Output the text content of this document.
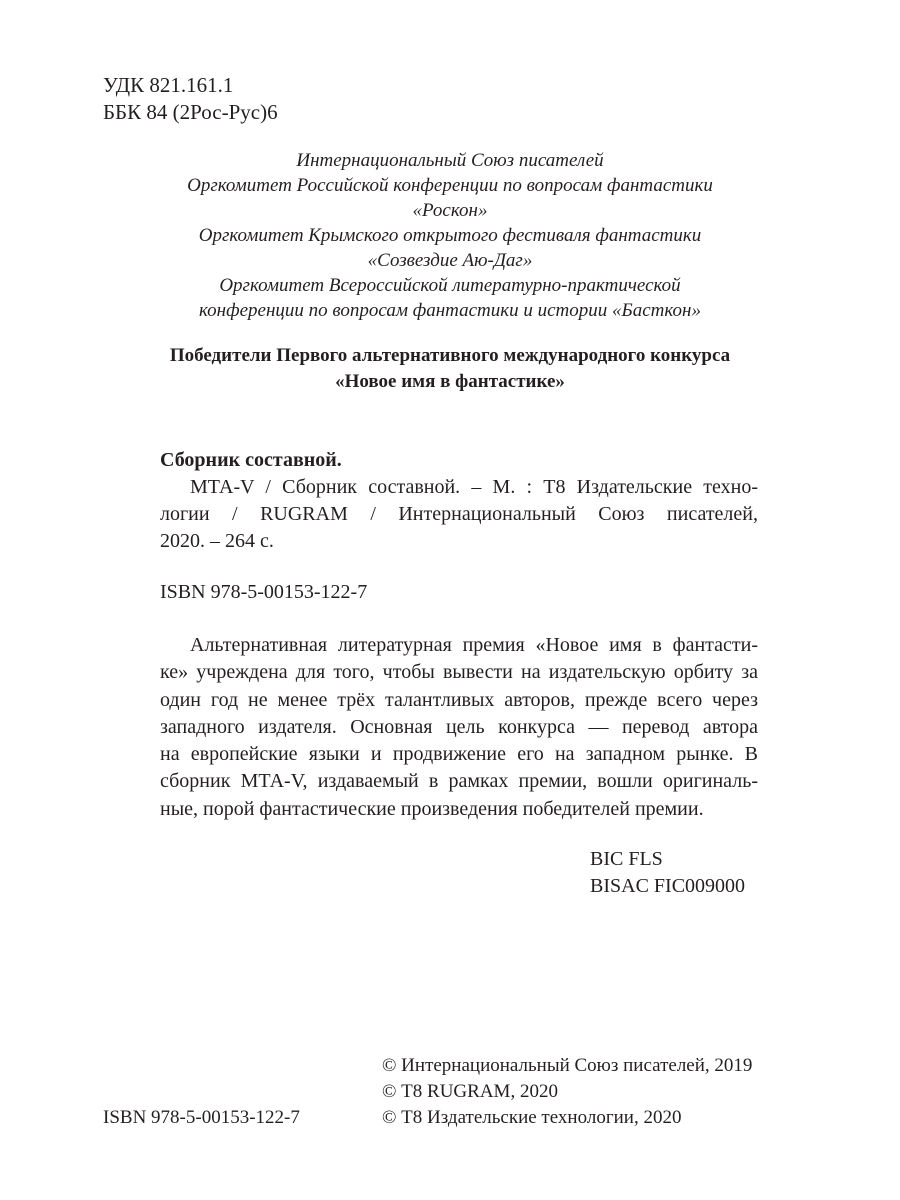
УДК 821.161.1
ББК 84 (2Рос-Рус)6
Интернациональный Союз писателей
Оргкомитет Российской конференции по вопросам фантастики
«Роскон»
Оргкомитет Крымского открытого фестиваля фантастики
«Созвездие Аю-Даг»
Оргкомитет Всероссийской литературно-практической
конференции по вопросам фантастики и истории «Басткон»
Победители Первого альтернативного международного конкурса
«Новое имя в фантастике»
Сборник составной.
МТА-V / Сборник составной. – М. : Т8 Издательские техно-
логии / RUGRAM / Интернациональный Союз писателей,
2020. – 264 с.
ISBN 978-5-00153-122-7
Альтернативная литературная премия «Новое имя в фантасти-
ке» учреждена для того, чтобы вывести на издательскую орбиту за
один год не менее трёх талантливых авторов, прежде всего через
западного издателя. Основная цель конкурса — перевод автора
на европейские языки и продвижение его на западном рынке. В
сборник МТА-V, издаваемый в рамках премии, вошли оригиналь-
ные, порой фантастические произведения победителей премии.
BIC FLS
BISAC FIC009000
© Интернациональный Союз писателей, 2019
© Т8 RUGRAM, 2020
© Т8 Издательские технологии, 2020
ISBN 978-5-00153-122-7
